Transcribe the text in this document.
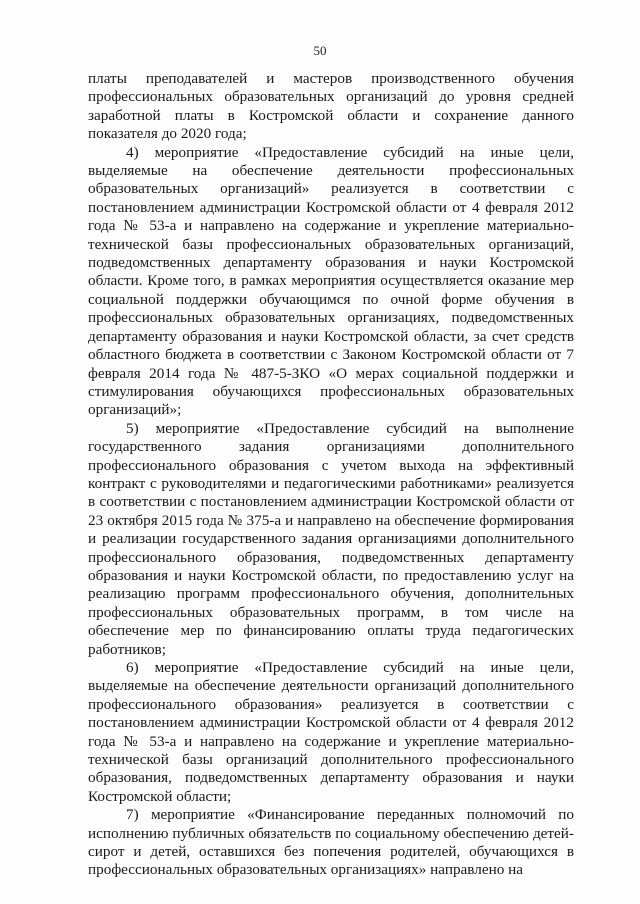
50

платы преподавателей и мастеров производственного обучения профессиональных образовательных организаций до уровня средней заработной платы в Костромской области и сохранение данного показателя до 2020 года;

4) мероприятие «Предоставление субсидий на иные цели, выделяемые на обеспечение деятельности профессиональных образовательных организаций» реализуется в соответствии с постановлением администрации Костромской области от 4 февраля 2012 года № 53-а и направлено на содержание и укрепление материально-технической базы профессиональных образовательных организаций, подведомственных департаменту образования и науки Костромской области. Кроме того, в рамках мероприятия осуществляется оказание мер социальной поддержки обучающимся по очной форме обучения в профессиональных образовательных организациях, подведомственных департаменту образования и науки Костромской области, за счет средств областного бюджета в соответствии с Законом Костромской области от 7 февраля 2014 года № 487-5-ЗКО «О мерах социальной поддержки и стимулирования обучающихся профессиональных образовательных организаций»;

5) мероприятие «Предоставление субсидий на выполнение государственного задания организациями дополнительного профессионального образования с учетом выхода на эффективный контракт с руководителями и педагогическими работниками» реализуется в соответствии с постановлением администрации Костромской области от 23 октября 2015 года № 375-а и направлено на обеспечение формирования и реализации государственного задания организациями дополнительного профессионального образования, подведомственных департаменту образования и науки Костромской области, по предоставлению услуг на реализацию программ профессионального обучения, дополнительных профессиональных образовательных программ, в том числе на обеспечение мер по финансированию оплаты труда педагогических работников;

6) мероприятие «Предоставление субсидий на иные цели, выделяемые на обеспечение деятельности организаций дополнительного профессионального образования» реализуется в соответствии с постановлением администрации Костромской области от 4 февраля 2012 года № 53-а и направлено на содержание и укрепление материально-технической базы организаций дополнительного профессионального образования, подведомственных департаменту образования и науки Костромской области;

7) мероприятие «Финансирование переданных полномочий по исполнению публичных обязательств по социальному обеспечению детей-сирот и детей, оставшихся без попечения родителей, обучающихся в профессиональных образовательных организациях» направлено на
